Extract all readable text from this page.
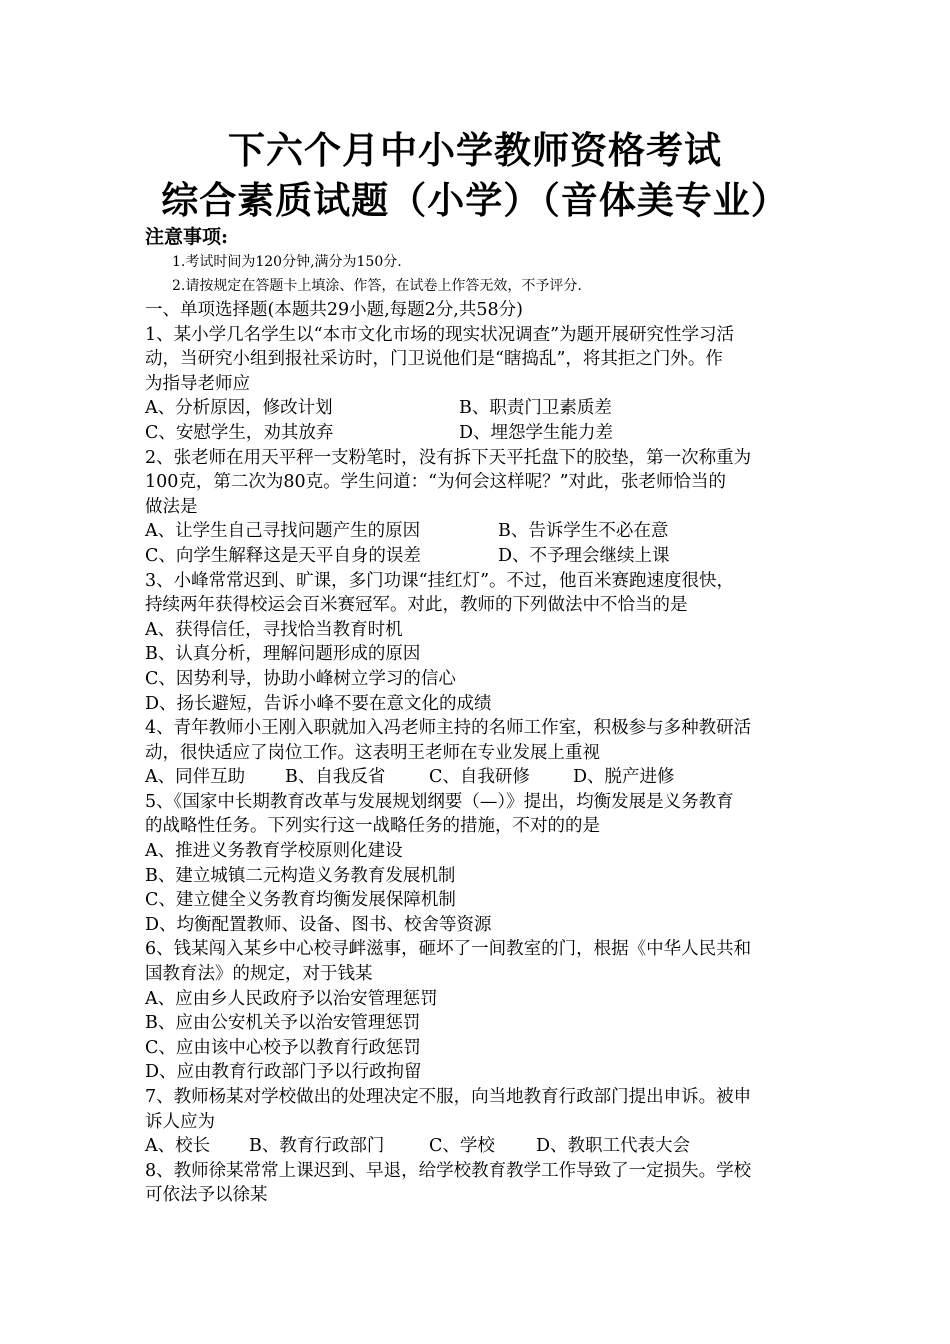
下六个月中小学教师资格考试
综合素质试题（小学）（音体美专业）
注意事项:
1.考试时间为120分钟,满分为150分.
2.请按规定在答题卡上填涂、作答，在试卷上作答无效，不予评分.
一、单项选择题(本题共29小题,每题2分,共58分)
1、某小学几名学生以“本市文化市场的现实状况调查”为题开展研究性学习活
动，当研究小组到报社采访时，门卫说他们是“瞎捣乱”，将其拒之门外。作
为指导老师应
A、分析原因，修改计划	B、职责门卫素质差
C、安慰学生，劝其放弃	D、埋怨学生能力差
2、张老师在用天平秤一支粉笔时，没有拆下天平托盘下的胶垫，第一次称重为
100克，第二次为80克。学生问道：“为何会这样呢？”对此，张老师恰当的
做法是
A、让学生自己寻找问题产生的原因	B、告诉学生不必在意
C、向学生解释这是天平自身的误差	D、不予理会继续上课
3、小峰常常迟到、旷课，多门功课“挂红灯”。不过，他百米赛跑速度很快，
持续两年获得校运会百米赛冠军。对此，教师的下列做法中不恰当的是
A、获得信任，寻找恰当教育时机
B、认真分析，理解问题形成的原因
C、因势利导，协助小峰树立学习的信心
D、扬长避短，告诉小峰不要在意文化的成绩
4、青年教师小王刚入职就加入冯老师主持的名师工作室，积极参与多种教研活
动，很快适应了岗位工作。这表明王老师在专业发展上重视
A、同伴互助 B、自我反省 C、自我研修 D、脱产进修
5、《国家中长期教育改革与发展规划纲要（—）》提出，均衡发展是义务教育
的战略性任务。下列实行这一战略任务的措施，不对的的是
A、推进义务教育学校原则化建设
B、建立城镇二元构造义务教育发展机制
C、建立健全义务教育均衡发展保障机制
D、均衡配置教师、设备、图书、校舍等资源
6、钱某闯入某乡中心校寻衅滋事，砸坏了一间教室的门，根据《中华人民共和
国教育法》的规定，对于钱某
A、应由乡人民政府予以治安管理惩罚
B、应由公安机关予以治安管理惩罚
C、应由该中心校予以教育行政惩罚
D、应由教育行政部门予以行政拘留
7、教师杨某对学校做出的处理决定不服，向当地教育行政部门提出申诉。被申
诉人应为
A、校长 B、教育行政部门	C、学校 D、教职工代表大会
8、教师徐某常常上课迟到、早退，给学校教育教学工作导致了一定损失。学校
可依法予以徐某
